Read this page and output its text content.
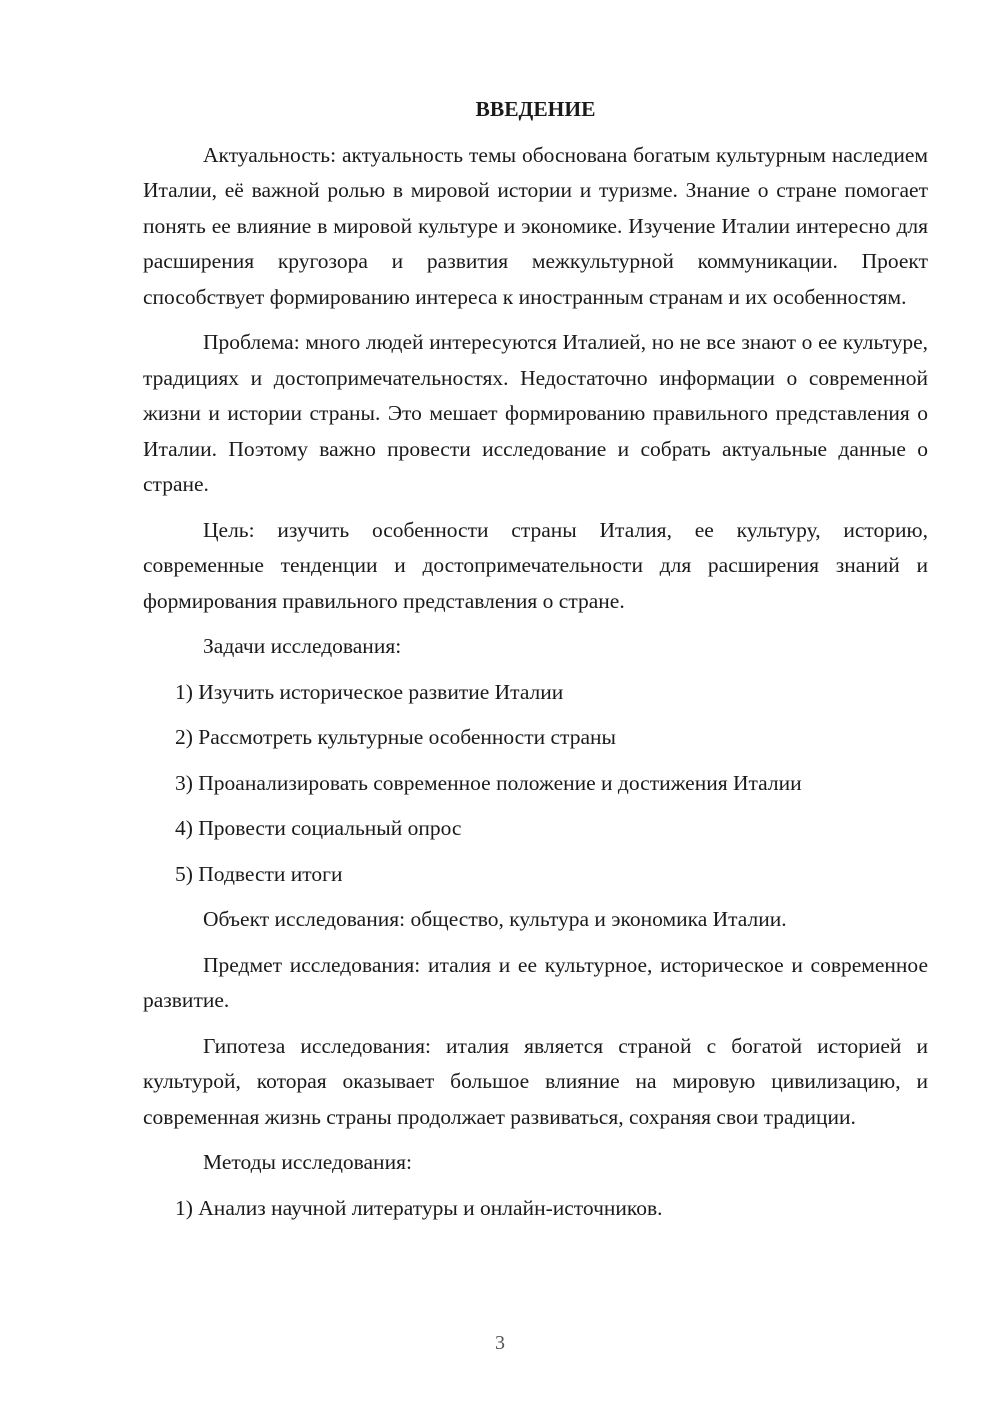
ВВЕДЕНИЕ

Актуальность: актуальность темы обоснована богатым культурным наследием Италии, её важной ролью в мировой истории и туризме. Знание о стране помогает понять ее влияние в мировой культуре и экономике. Изучение Италии интересно для расширения кругозора и развития межкультурной коммуникации. Проект способствует формированию интереса к иностранным странам и их особенностям.

Проблема: много людей интересуются Италией, но не все знают о ее культуре, традициях и достопримечательностях. Недостаточно информации о современной жизни и истории страны. Это мешает формированию правильного представления о Италии. Поэтому важно провести исследование и собрать актуальные данные о стране.

Цель: изучить особенности страны Италия, ее культуру, историю, современные тенденции и достопримечательности для расширения знаний и формирования правильного представления о стране.

Задачи исследования:

1) Изучить историческое развитие Италии
2) Рассмотреть культурные особенности страны
3) Проанализировать современное положение и достижения Италии
4) Провести социальный опрос
5) Подвести итоги

Объект исследования: общество, культура и экономика Италии.

Предмет исследования: италия и ее культурное, историческое и современное развитие.

Гипотеза исследования: италия является страной с богатой историей и культурой, которая оказывает большое влияние на мировую цивилизацию, и современная жизнь страны продолжает развиваться, сохраняя свои традиции.

Методы исследования:

1) Анализ научной литературы и онлайн-источников.
3
